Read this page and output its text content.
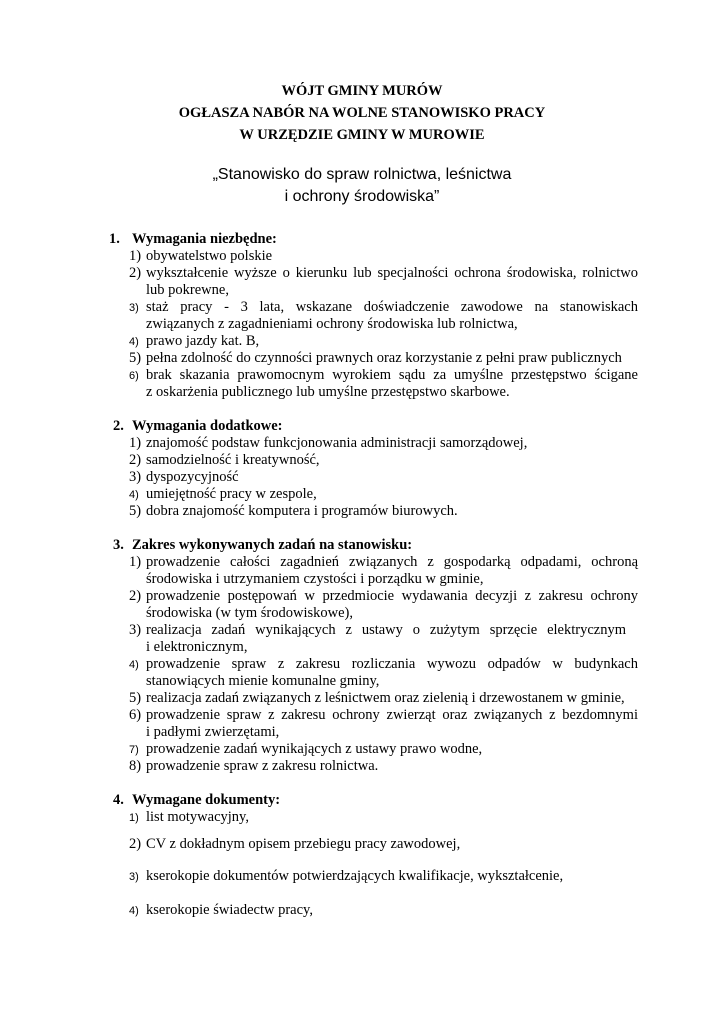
WÓJT GMINY MURÓW
OGŁASZA NABÓR NA WOLNE STANOWISKO PRACY
W URZĘDZIE GMINY W MUROWIE
„Stanowisko do spraw rolnictwa, leśnictwa
i ochrony środowiska”
1. Wymagania niezbędne:
1) obywatelstwo polskie
2) wykształcenie wyższe o kierunku lub specjalności ochrona środowiska, rolnictwo
lub pokrewne,
3) staż pracy - 3 lata, wskazane doświadczenie zawodowe na stanowiskach
związanych z zagadnieniami ochrony środowiska lub rolnictwa,
4) prawo jazdy kat. B,
5) pełna zdolność do czynności prawnych oraz korzystanie z pełni praw publicznych
6) brak skazania prawomocnym wyrokiem sądu za umyślne przestępstwo ścigane
z oskarżenia publicznego lub umyślne przestępstwo skarbowe.
2. Wymagania dodatkowe:
1) znajomość podstaw funkcjonowania administracji samorządowej,
2) samodzielność i kreatywność,
3) dyspozycyjność
4) umiejętność pracy w zespole,
5) dobra znajomość komputera i programów biurowych.
3. Zakres wykonywanych zadań na stanowisku:
1) prowadzenie całości zagadnień związanych z gospodarką odpadami, ochroną
środowiska i utrzymaniem czystości i porządku w gminie,
2) prowadzenie postępowań w przedmiocie wydawania decyzji z zakresu ochrony
środowiska (w tym środowiskowe),
3) realizacja zadań wynikających z ustawy o zużytym sprzęcie elektrycznym
i elektronicznym,
4) prowadzenie spraw z zakresu rozliczania wywozu odpadów w budynkach
stanowiących mienie komunalne gminy,
5) realizacja zadań związanych z leśnictwem oraz zielenią i drzewostanem w gminie,
6) prowadzenie spraw z zakresu ochrony zwierząt oraz związanych z bezdomnymi
i padłymi zwierzętami,
7) prowadzenie zadań wynikających z ustawy prawo wodne,
8) prowadzenie spraw z zakresu rolnictwa.
4. Wymagane dokumenty:
1) list motywacyjny,
2) CV z dokładnym opisem przebiegu pracy zawodowej,
3) kserokopie dokumentów potwierdzających kwalifikacje, wykształcenie,
4) kserokopie świadectw pracy,
